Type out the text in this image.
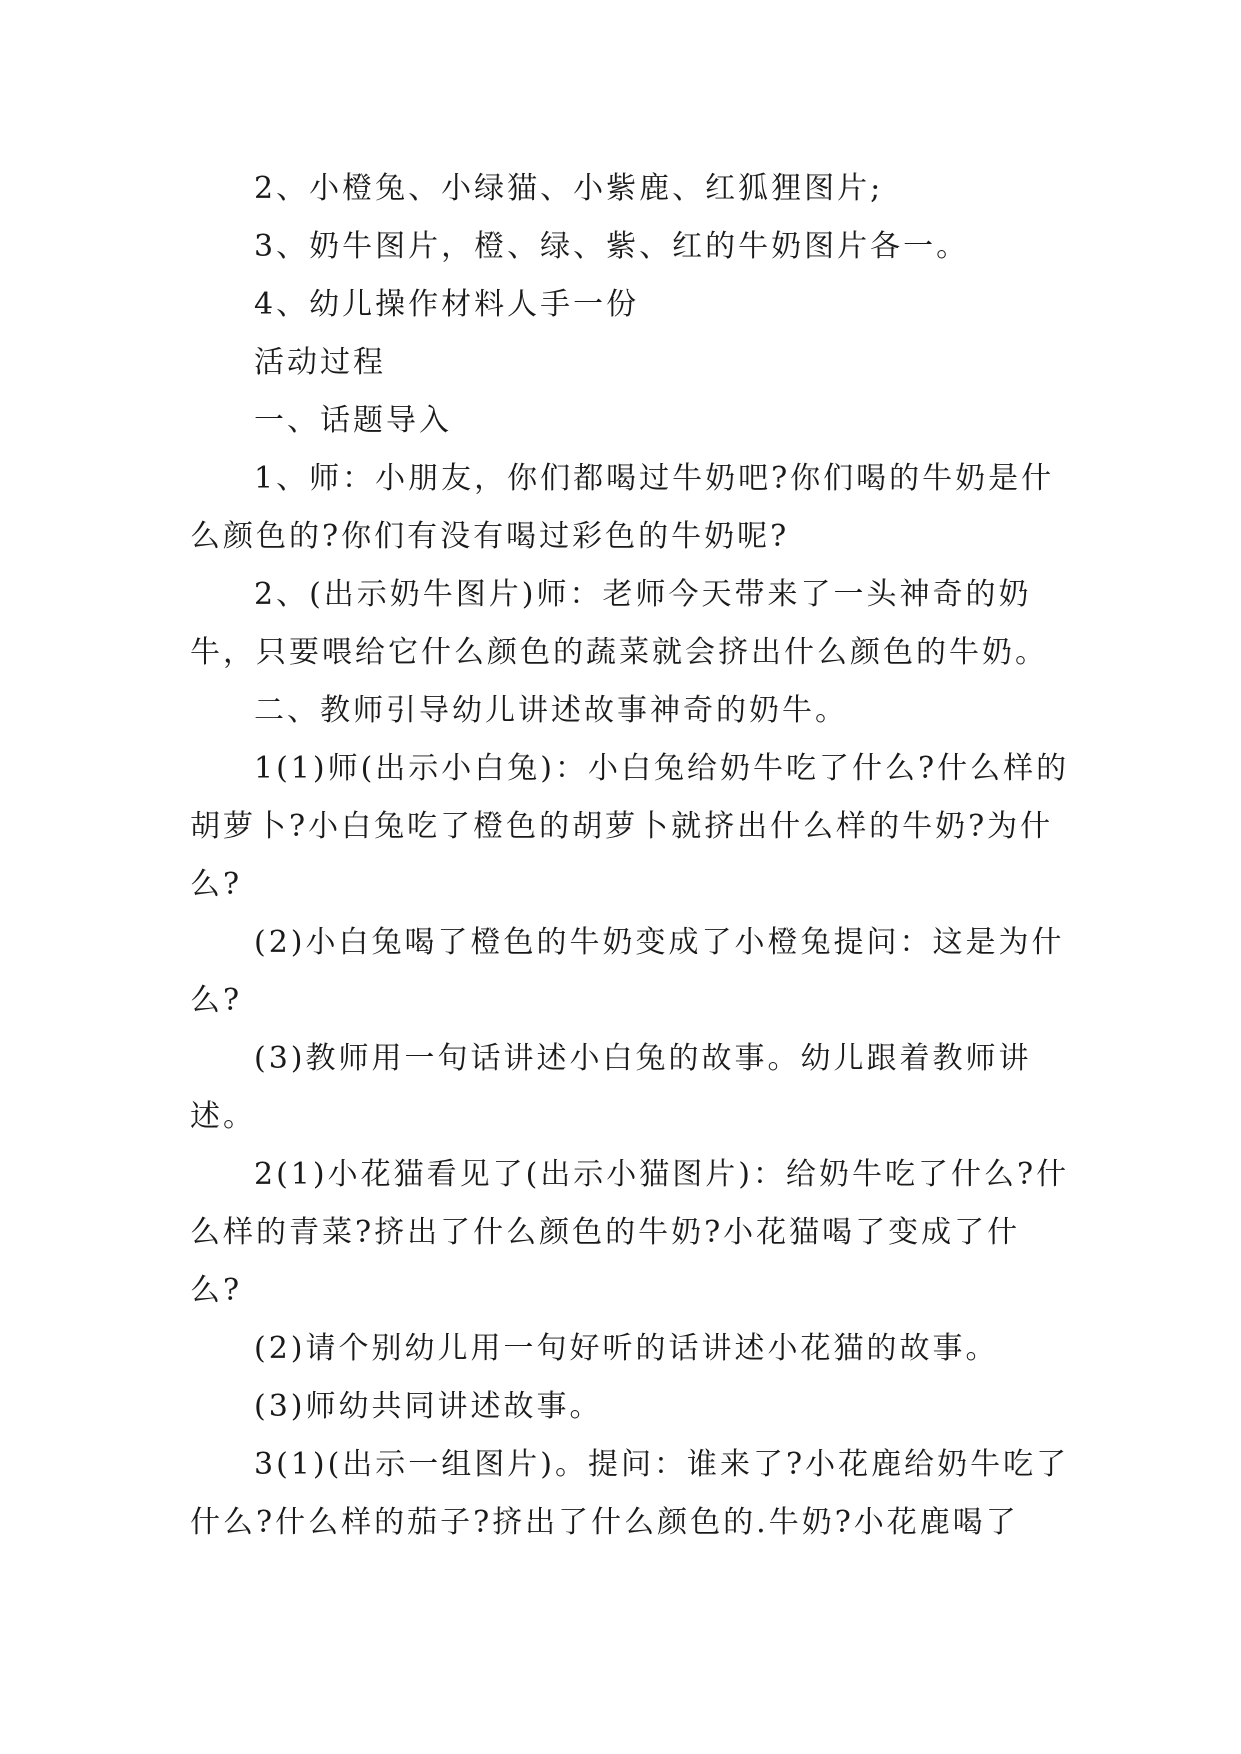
2、小橙兔、小绿猫、小紫鹿、红狐狸图片;

3、奶牛图片，橙、绿、紫、红的牛奶图片各一。

4、幼儿操作材料人手一份

活动过程

一、话题导入

1、师：小朋友，你们都喝过牛奶吧?你们喝的牛奶是什么颜色的?你们有没有喝过彩色的牛奶呢?

2、(出示奶牛图片)师：老师今天带来了一头神奇的奶牛，只要喂给它什么颜色的蔬菜就会挤出什么颜色的牛奶。

二、教师引导幼儿讲述故事神奇的奶牛。

1(1)师(出示小白兔)：小白兔给奶牛吃了什么?什么样的胡萝卜?小白兔吃了橙色的胡萝卜就挤出什么样的牛奶?为什么?

(2)小白兔喝了橙色的牛奶变成了小橙兔提问：这是为什么?

(3)教师用一句话讲述小白兔的故事。幼儿跟着教师讲述。

2(1)小花猫看见了(出示小猫图片)：给奶牛吃了什么?什么样的青菜?挤出了什么颜色的牛奶?小花猫喝了变成了什么?

(2)请个别幼儿用一句好听的话讲述小花猫的故事。

(3)师幼共同讲述故事。

3(1)(出示一组图片)。提问：谁来了?小花鹿给奶牛吃了什么?什么样的茄子?挤出了什么颜色的.牛奶?小花鹿喝了
